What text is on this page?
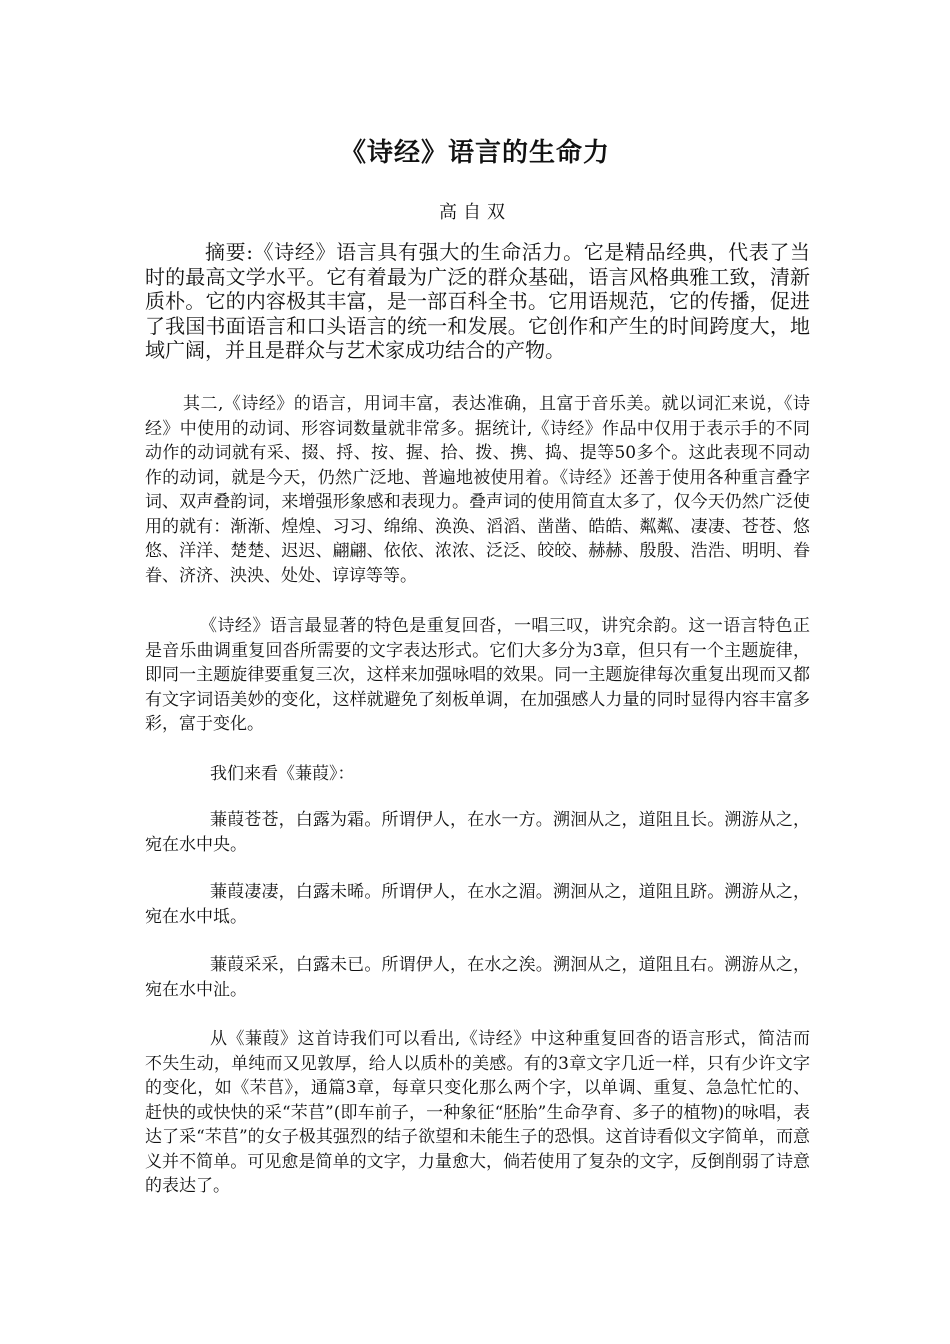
《诗经》语言的生命力
高自双

摘要:《诗经》语言具有强大的生命活力。它是精品经典，代表了当时的最高文学水平。它有着最为广泛的群众基础，语言风格典雅工致，清新质朴。它的内容极其丰富，是一部百科全书。它用语规范，它的传播，促进了我国书面语言和口头语言的统一和发展。它创作和产生的时间跨度大，地域广阔，并且是群众与艺术家成功结合的产物。

其二,《诗经》的语言，用词丰富，表达准确，且富于音乐美。就以词汇来说，《诗经》中使用的动词、形容词数量就非常多。据统计,《诗经》作品中仅用于表示手的不同动作的动词就有采、掇、捋、按、握、拾、拨、携、捣、提等50多个。这此表现不同动作的动词，就是今天，仍然广泛地、普遍地被使用着。《诗经》还善于使用各种重言叠字词、双声叠韵词，来增强形象感和表现力。叠声词的使用简直太多了，仅今天仍然广泛使用的就有：渐渐、煌煌、习习、绵绵、涣涣、滔滔、凿凿、皓皓、粼粼、凄凄、苍苍、悠悠、洋洋、楚楚、迟迟、翩翩、依依、浓浓、泛泛、皎皎、赫赫、殷殷、浩浩、明明、眷眷、济济、泱泱、处处、谆谆等等。

《诗经》语言最显著的特色是重复回沓，一唱三叹，讲究余韵。这一语言特色正是音乐曲调重复回沓所需要的文字表达形式。它们大多分为3章，但只有一个主题旋律，即同一主题旋律要重复三次，这样来加强咏唱的效果。同一主题旋律每次重复出现而又都有文字词语美妙的变化，这样就避免了刻板单调，在加强感人力量的同时显得内容丰富多彩，富于变化。

我们来看《蒹葭》：

蒹葭苍苍，白露为霜。所谓伊人，在水一方。溯洄从之，道阻且长。溯游从之，宛在水中央。

蒹葭凄凄，白露未晞。所谓伊人，在水之湄。溯洄从之，道阻且跻。溯游从之，宛在水中坻。

蒹葭采采，白露未已。所谓伊人，在水之涘。溯洄从之，道阻且右。溯游从之，宛在水中沚。

从《蒹葭》这首诗我们可以看出,《诗经》中这种重复回沓的语言形式，简洁而不失生动，单纯而又见敦厚，给人以质朴的美感。有的3章文字几近一样，只有少许文字的变化，如《芣苢》，通篇3章，每章只变化那么两个字，以单调、重复、急急忙忙的、赶快的或快快的采“芣苢”(即车前子，一种象征“胚胎”生命孕育、多子的植物)的咏唱，表达了采“芣苢”的女子极其强烈的结子欲望和未能生子的恐惧。这首诗看似文字简单，而意义并不简单。可见愈是简单的文字，力量愈大，倘若使用了复杂的文字，反倒削弱了诗意的表达了。
